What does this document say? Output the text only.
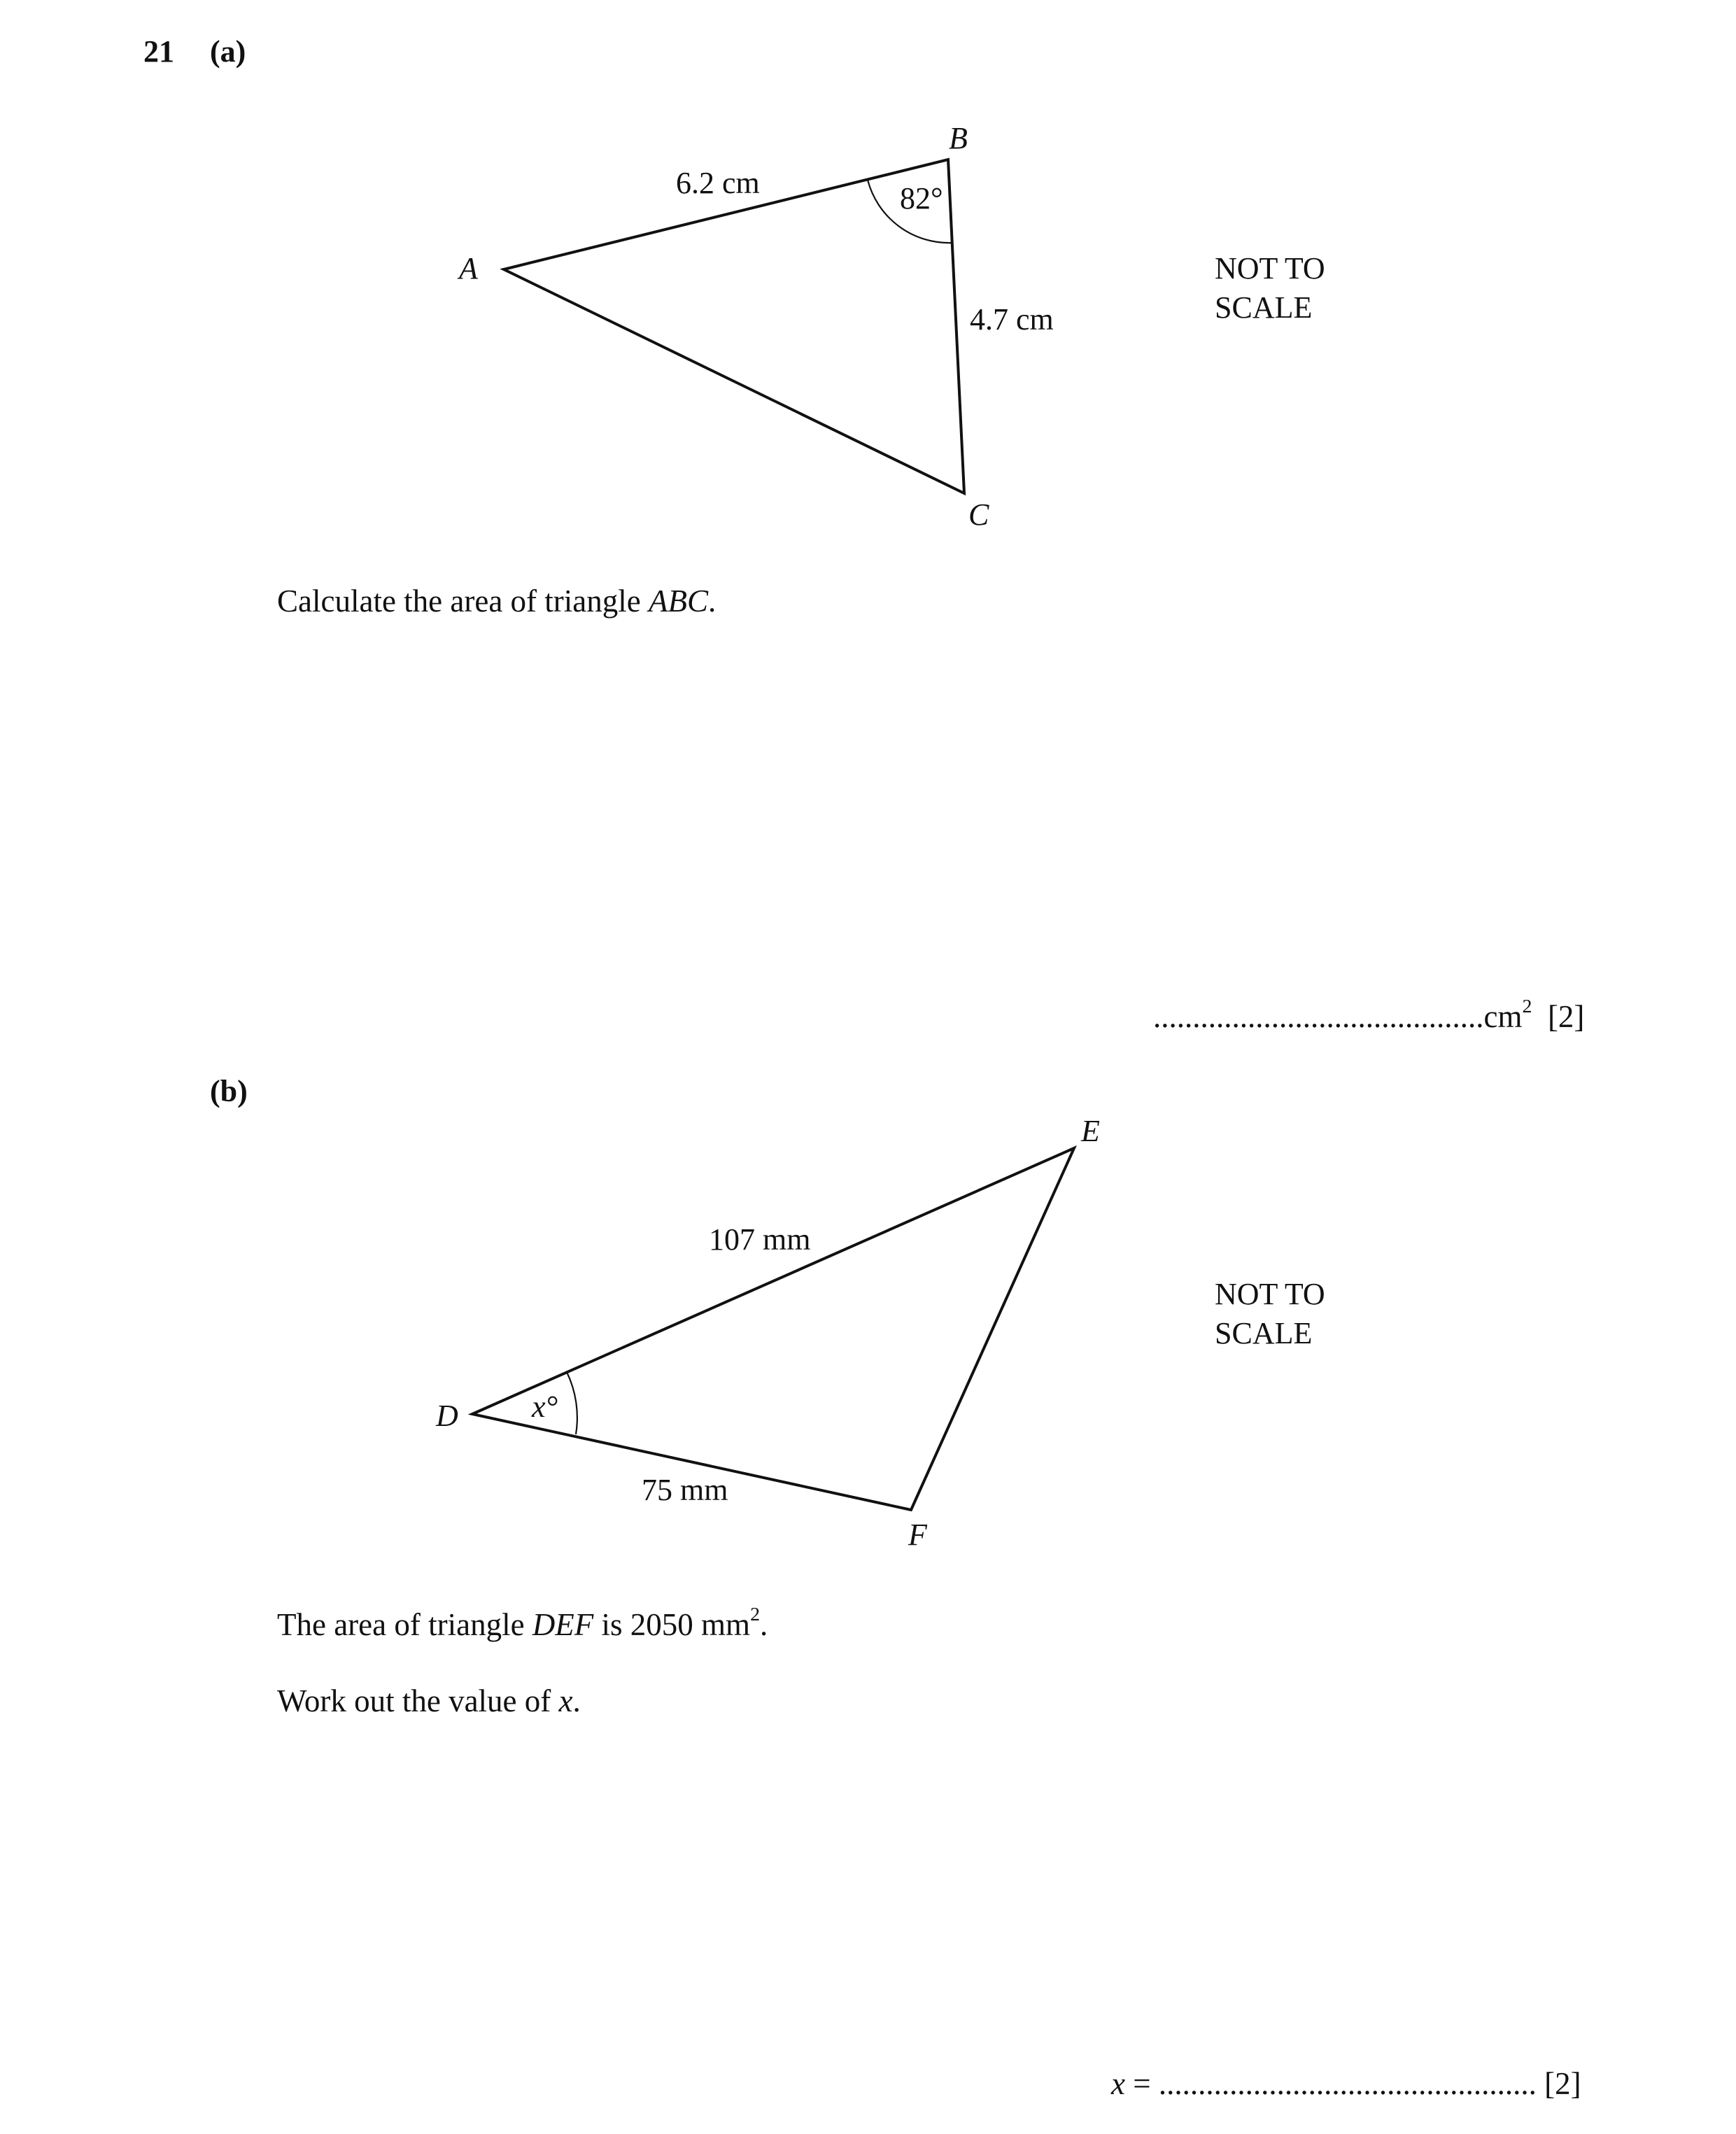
21 (a)
B
A
C
6.2 cm
4.7 cm
82°
NOT TO
SCALE
Calculate the area of triangle ABC.
$..........................................cm^2$ [2]
(b)
E
D
F
107 mm
75 mm
x°
NOT TO
SCALE
The area of triangle DEF is 2050 $mm^2$.
Work out the value of x.
x = ................................................ [2]
